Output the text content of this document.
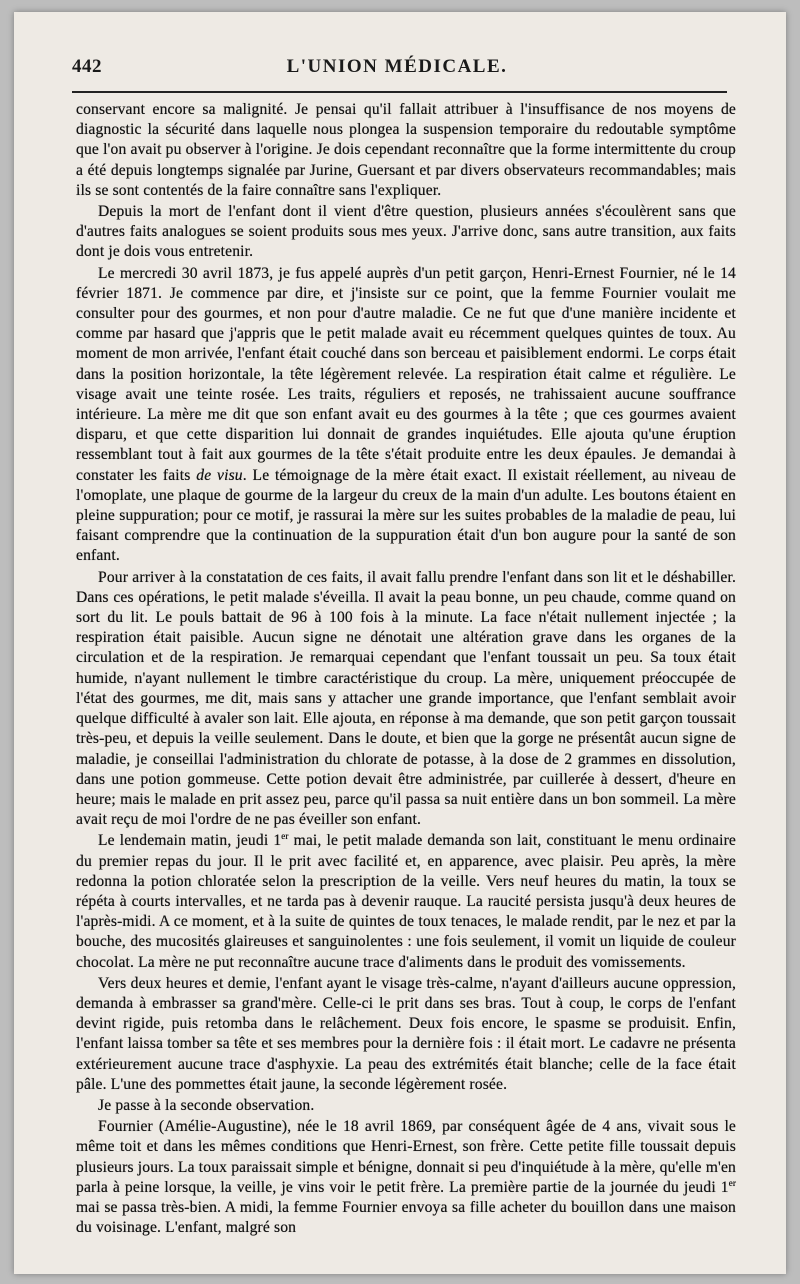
442	L'UNION MÉDICALE.

conservant encore sa malignité. Je pensai qu'il fallait attribuer à l'insuffisance de nos moyens de diagnostic la sécurité dans laquelle nous plongea la suspension temporaire du redoutable symptôme que l'on avait pu observer à l'origine. Je dois cependant reconnaître que la forme intermittente du croup a été depuis longtemps signalée par Jurine, Guersant et par divers observateurs recommandables; mais ils se sont contentés de la faire connaître sans l'expliquer.

Depuis la mort de l'enfant dont il vient d'être question, plusieurs années s'écoulèrent sans que d'autres faits analogues se soient produits sous mes yeux. J'arrive donc, sans autre transition, aux faits dont je dois vous entretenir.

Le mercredi 30 avril 1873, je fus appelé auprès d'un petit garçon, Henri-Ernest Fournier, né le 14 février 1871. Je commence par dire, et j'insiste sur ce point, que la femme Fournier voulait me consulter pour des gourmes, et non pour d'autre maladie. Ce ne fut que d'une manière incidente et comme par hasard que j'appris que le petit malade avait eu récemment quelques quintes de toux. Au moment de mon arrivée, l'enfant était couché dans son berceau et paisiblement endormi. Le corps était dans la position horizontale, la tête légèrement relevée. La respiration était calme et régulière. Le visage avait une teinte rosée. Les traits, réguliers et reposés, ne trahissaient aucune souffrance intérieure. La mère me dit que son enfant avait eu des gourmes à la tête ; que ces gourmes avaient disparu, et que cette disparition lui donnait de grandes inquiétudes. Elle ajouta qu'une éruption ressemblant tout à fait aux gourmes de la tête s'était produite entre les deux épaules. Je demandai à constater les faits de visu. Le témoignage de la mère était exact. Il existait réellement, au niveau de l'omoplate, une plaque de gourme de la largeur du creux de la main d'un adulte. Les boutons étaient en pleine suppuration; pour ce motif, je rassurai la mère sur les suites probables de la maladie de peau, lui faisant comprendre que la continuation de la suppuration était d'un bon augure pour la santé de son enfant.

Pour arriver à la constatation de ces faits, il avait fallu prendre l'enfant dans son lit et le déshabiller. Dans ces opérations, le petit malade s'éveilla. Il avait la peau bonne, un peu chaude, comme quand on sort du lit. Le pouls battait de 96 à 100 fois à la minute. La face n'était nullement injectée ; la respiration était paisible. Aucun signe ne dénotait une altération grave dans les organes de la circulation et de la respiration. Je remarquai cependant que l'enfant toussait un peu. Sa toux était humide, n'ayant nullement le timbre caractéristique du croup. La mère, uniquement préoccupée de l'état des gourmes, me dit, mais sans y attacher une grande importance, que l'enfant semblait avoir quelque difficulté à avaler son lait. Elle ajouta, en réponse à ma demande, que son petit garçon toussait très-peu, et depuis la veille seulement. Dans le doute, et bien que la gorge ne présentât aucun signe de maladie, je conseillai l'administration du chlorate de potasse, à la dose de 2 grammes en dissolution, dans une potion gommeuse. Cette potion devait être administrée, par cuillerée à dessert, d'heure en heure; mais le malade en prit assez peu, parce qu'il passa sa nuit entière dans un bon sommeil. La mère avait reçu de moi l'ordre de ne pas éveiller son enfant.

Le lendemain matin, jeudi 1er mai, le petit malade demanda son lait, constituant le menu ordinaire du premier repas du jour. Il le prit avec facilité et, en apparence, avec plaisir. Peu après, la mère redonna la potion chloratée selon la prescription de la veille. Vers neuf heures du matin, la toux se répéta à courts intervalles, et ne tarda pas à devenir rauque. La raucité persista jusqu'à deux heures de l'après-midi. A ce moment, et à la suite de quintes de toux tenaces, le malade rendit, par le nez et par la bouche, des mucosités glaireuses et sanguinolentes : une fois seulement, il vomit un liquide de couleur chocolat. La mère ne put reconnaître aucune trace d'aliments dans le produit des vomissements.

Vers deux heures et demie, l'enfant ayant le visage très-calme, n'ayant d'ailleurs aucune oppression, demanda à embrasser sa grand'mère. Celle-ci le prit dans ses bras. Tout à coup, le corps de l'enfant devint rigide, puis retomba dans le relâchement. Deux fois encore, le spasme se produisit. Enfin, l'enfant laissa tomber sa tête et ses membres pour la dernière fois : il était mort. Le cadavre ne présenta extérieurement aucune trace d'asphyxie. La peau des extrémités était blanche; celle de la face était pâle. L'une des pommettes était jaune, la seconde légèrement rosée.

Je passe à la seconde observation.

Fournier (Amélie-Augustine), née le 18 avril 1869, par conséquent âgée de 4 ans, vivait sous le même toit et dans les mêmes conditions que Henri-Ernest, son frère. Cette petite fille toussait depuis plusieurs jours. La toux paraissait simple et bénigne, donnait si peu d'inquiétude à la mère, qu'elle m'en parla à peine lorsque, la veille, je vins voir le petit frère. La première partie de la journée du jeudi 1er mai se passa très-bien. A midi, la femme Fournier envoya sa fille acheter du bouillon dans une maison du voisinage. L'enfant, malgré son
